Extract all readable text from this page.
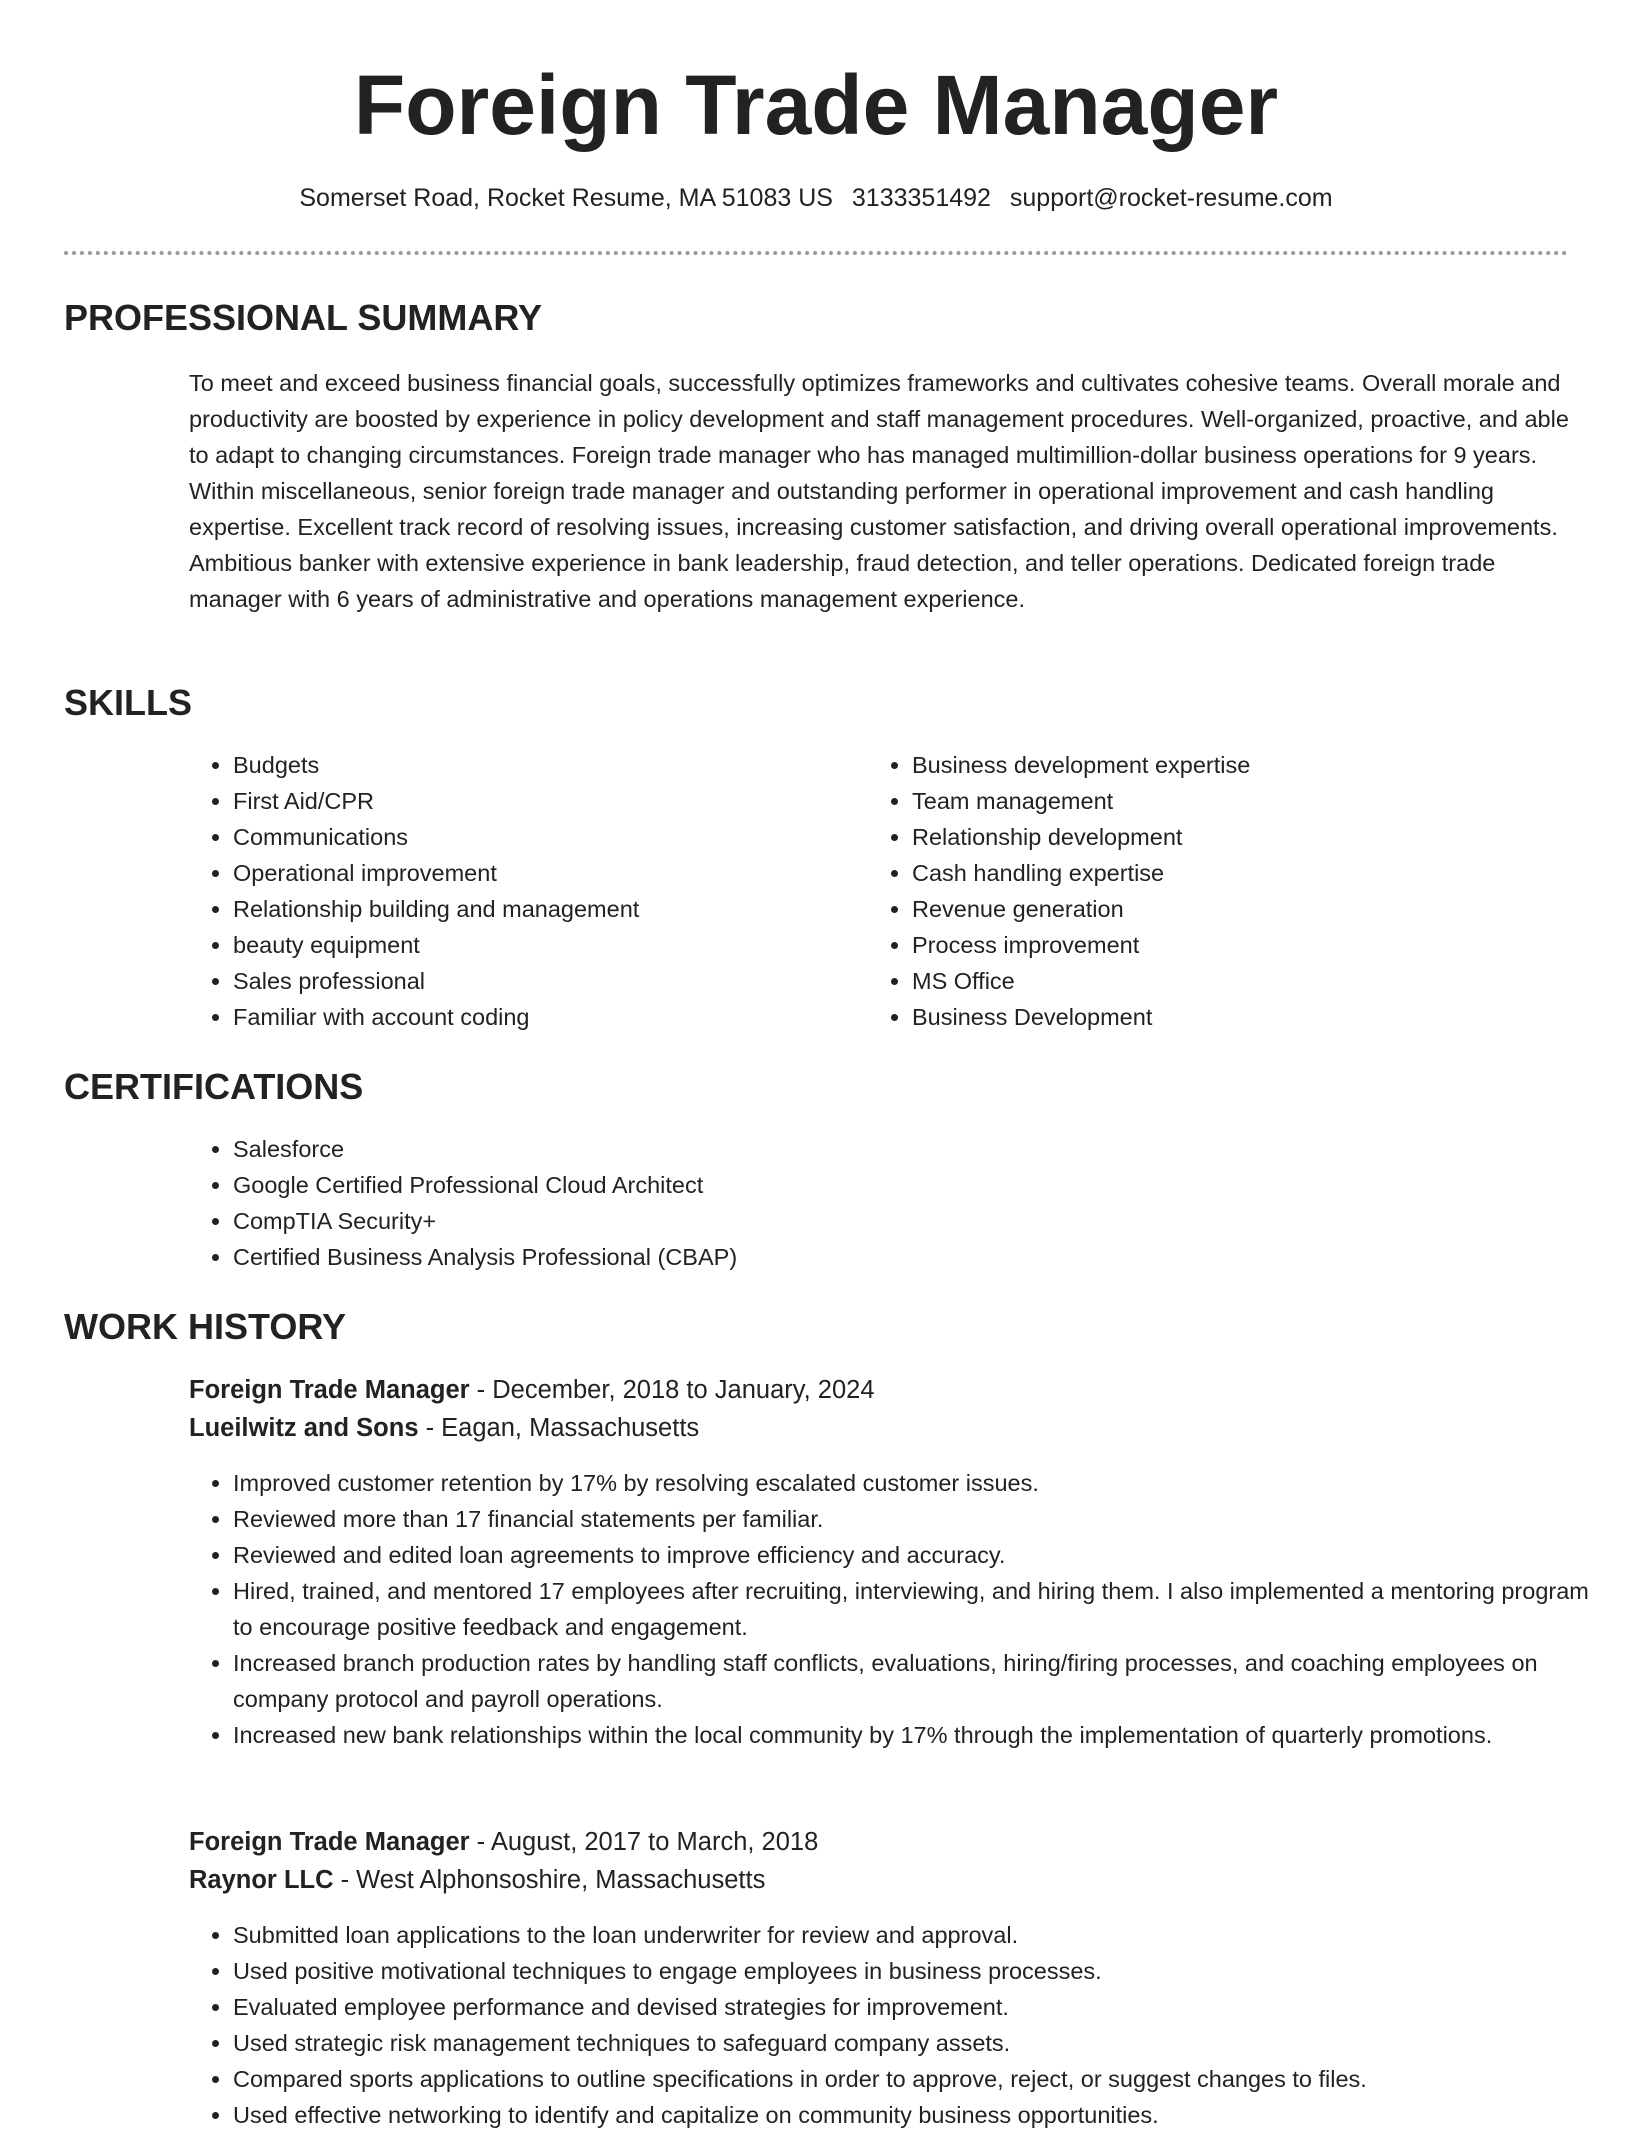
Foreign Trade Manager
Somerset Road, Rocket Resume, MA 51083 US 3133351492 support@rocket-resume.com
PROFESSIONAL SUMMARY

To meet and exceed business financial goals, successfully optimizes frameworks and cultivates cohesive teams. Overall morale and productivity are boosted by experience in policy development and staff management procedures. Well-organized, proactive, and able to adapt to changing circumstances. Foreign trade manager who has managed multimillion-dollar business operations for 9 years. Within miscellaneous, senior foreign trade manager and outstanding performer in operational improvement and cash handling expertise. Excellent track record of resolving issues, increasing customer satisfaction, and driving overall operational improvements. Ambitious banker with extensive experience in bank leadership, fraud detection, and teller operations. Dedicated foreign trade manager with 6 years of administrative and operations management experience.

SKILLS
• Budgets
• First Aid/CPR
• Communications
• Operational improvement
• Relationship building and management
• beauty equipment
• Sales professional
• Familiar with account coding
• Business development expertise
• Team management
• Relationship development
• Cash handling expertise
• Revenue generation
• Process improvement
• MS Office
• Business Development
CERTIFICATIONS
• Salesforce
• Google Certified Professional Cloud Architect
• CompTIA Security+
• Certified Business Analysis Professional (CBAP)
WORK HISTORY
Foreign Trade Manager - December, 2018 to January, 2024
Lueilwitz and Sons - Eagan, Massachusetts
• Improved customer retention by 17% by resolving escalated customer issues.
• Reviewed more than 17 financial statements per familiar.
• Reviewed and edited loan agreements to improve efficiency and accuracy.
• Hired, trained, and mentored 17 employees after recruiting, interviewing, and hiring them. I also implemented a mentoring program to encourage positive feedback and engagement.
• Increased branch production rates by handling staff conflicts, evaluations, hiring/firing processes, and coaching employees on company protocol and payroll operations.
• Increased new bank relationships within the local community by 17% through the implementation of quarterly promotions.
Foreign Trade Manager - August, 2017 to March, 2018
Raynor LLC - West Alphonsoshire, Massachusetts
• Submitted loan applications to the loan underwriter for review and approval.
• Used positive motivational techniques to engage employees in business processes.
• Evaluated employee performance and devised strategies for improvement.
• Used strategic risk management techniques to safeguard company assets.
• Compared sports applications to outline specifications in order to approve, reject, or suggest changes to files.
• Used effective networking to identify and capitalize on community business opportunities.
